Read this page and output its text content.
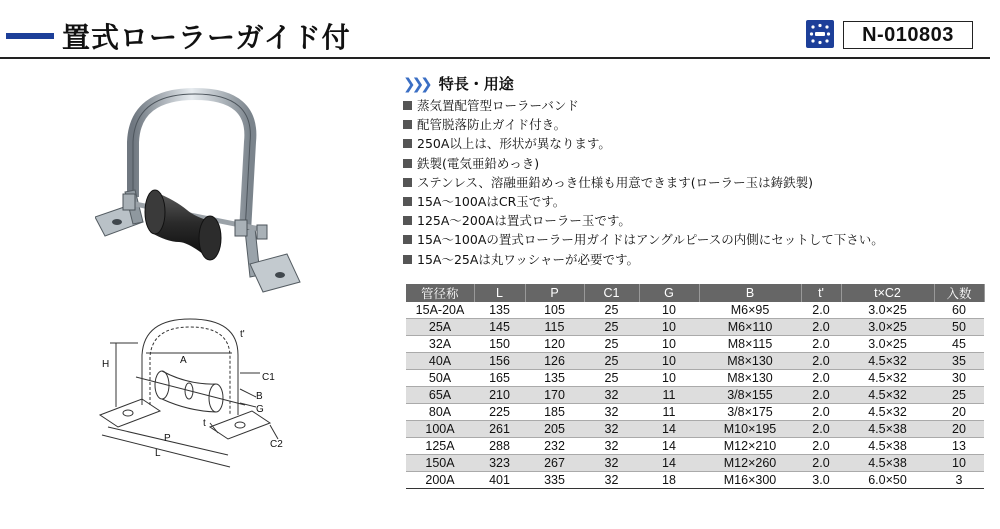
置式ローラーガイド付	N-010803
H	A
t'
C1
B
G
t
P
L
C2
❯❯❯ 特長・用途
蒸気置配管型ローラーバンド
配管脱落防止ガイド付き。
250A以上は、形状が異なります。
鉄製(電気亜鉛めっき)
ステンレス、溶融亜鉛めっき仕様も用意できます(ローラー玉は鋳鉄製)
15A〜100AはCR玉です。
125A〜200Aは置式ローラー玉です。
15A〜100Aの置式ローラー用ガイドはアングルピースの内側にセットして下さい。
15A〜25Aは丸ワッシャーが必要です。
管径称	L	P	C1	G	B	t'	t×C2	入数
15A-20A	135	105	25	10	M6×95	2.0	3.0×25	60
25A	145	115	25	10	M6×110	2.0	3.0×25	50
32A	150	120	25	10	M8×115	2.0	3.0×25	45
40A	156	126	25	10	M8×130	2.0	4.5×32	35
50A	165	135	25	10	M8×130	2.0	4.5×32	30
65A	210	170	32	11	3/8×155	2.0	4.5×32	25
80A	225	185	32	11	3/8×175	2.0	4.5×32	20
100A	261	205	32	14	M10×195	2.0	4.5×38	20
125A	288	232	32	14	M12×210	2.0	4.5×38	13
150A	323	267	32	14	M12×260	2.0	4.5×38	10
200A	401	335	32	18	M16×300	3.0	6.0×50	3
